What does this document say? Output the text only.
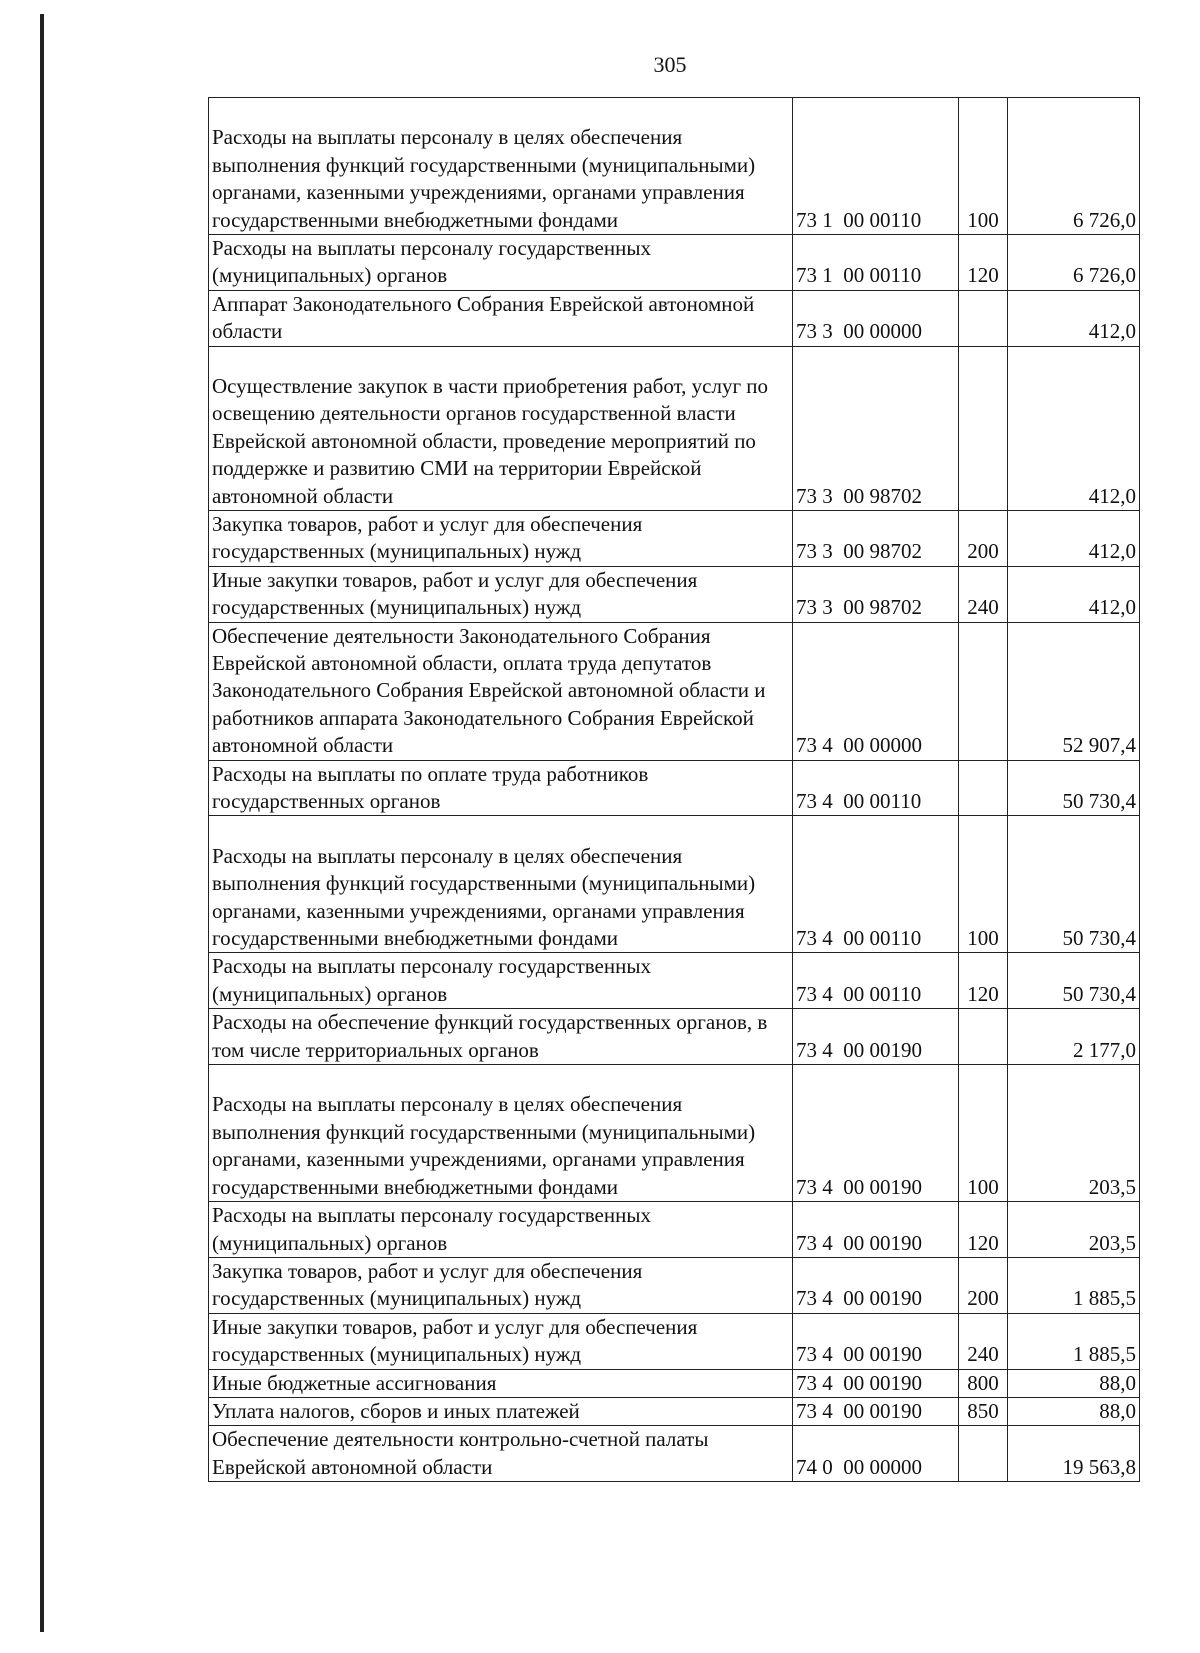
305
Расходы на выплаты персоналу в целях обеспечения выполнения функций государственными (муниципальными) органами, казенными учреждениями, органами управления государственными внебюджетными фондами	73 1  00 00110	100	6 726,0
Расходы на выплаты персоналу государственных (муниципальных) органов	73 1  00 00110	120	6 726,0
Аппарат Законодательного Собрания Еврейской автономной области	73 3  00 00000		412,0
Осуществление закупок в части приобретения работ, услуг по освещению деятельности органов государственной власти Еврейской автономной области, проведение мероприятий по поддержке и развитию СМИ на территории Еврейской автономной области	73 3  00 98702		412,0
Закупка товаров, работ и услуг для обеспечения государственных (муниципальных) нужд	73 3  00 98702	200	412,0
Иные закупки товаров, работ и услуг для обеспечения государственных (муниципальных) нужд	73 3  00 98702	240	412,0
Обеспечение деятельности Законодательного Собрания Еврейской автономной области, оплата труда депутатов Законодательного Собрания Еврейской автономной области и работников аппарата Законодательного Собрания Еврейской автономной области	73 4  00 00000		52 907,4
Расходы на выплаты по оплате труда работников государственных органов	73 4  00 00110		50 730,4
Расходы на выплаты персоналу в целях обеспечения выполнения функций государственными (муниципальными) органами, казенными учреждениями, органами управления государственными внебюджетными фондами	73 4  00 00110	100	50 730,4
Расходы на выплаты персоналу государственных (муниципальных) органов	73 4  00 00110	120	50 730,4
Расходы на обеспечение функций государственных органов, в том числе территориальных органов	73 4  00 00190		2 177,0
Расходы на выплаты персоналу в целях обеспечения выполнения функций государственными (муниципальными) органами, казенными учреждениями, органами управления государственными внебюджетными фондами	73 4  00 00190	100	203,5
Расходы на выплаты персоналу государственных (муниципальных) органов	73 4  00 00190	120	203,5
Закупка товаров, работ и услуг для обеспечения государственных (муниципальных) нужд	73 4  00 00190	200	1 885,5
Иные закупки товаров, работ и услуг для обеспечения государственных (муниципальных) нужд	73 4  00 00190	240	1 885,5
Иные бюджетные ассигнования	73 4  00 00190	800	88,0
Уплата налогов, сборов и иных платежей	73 4  00 00190	850	88,0
Обеспечение деятельности контрольно-счетной палаты Еврейской автономной области	74 0  00 00000		19 563,8
